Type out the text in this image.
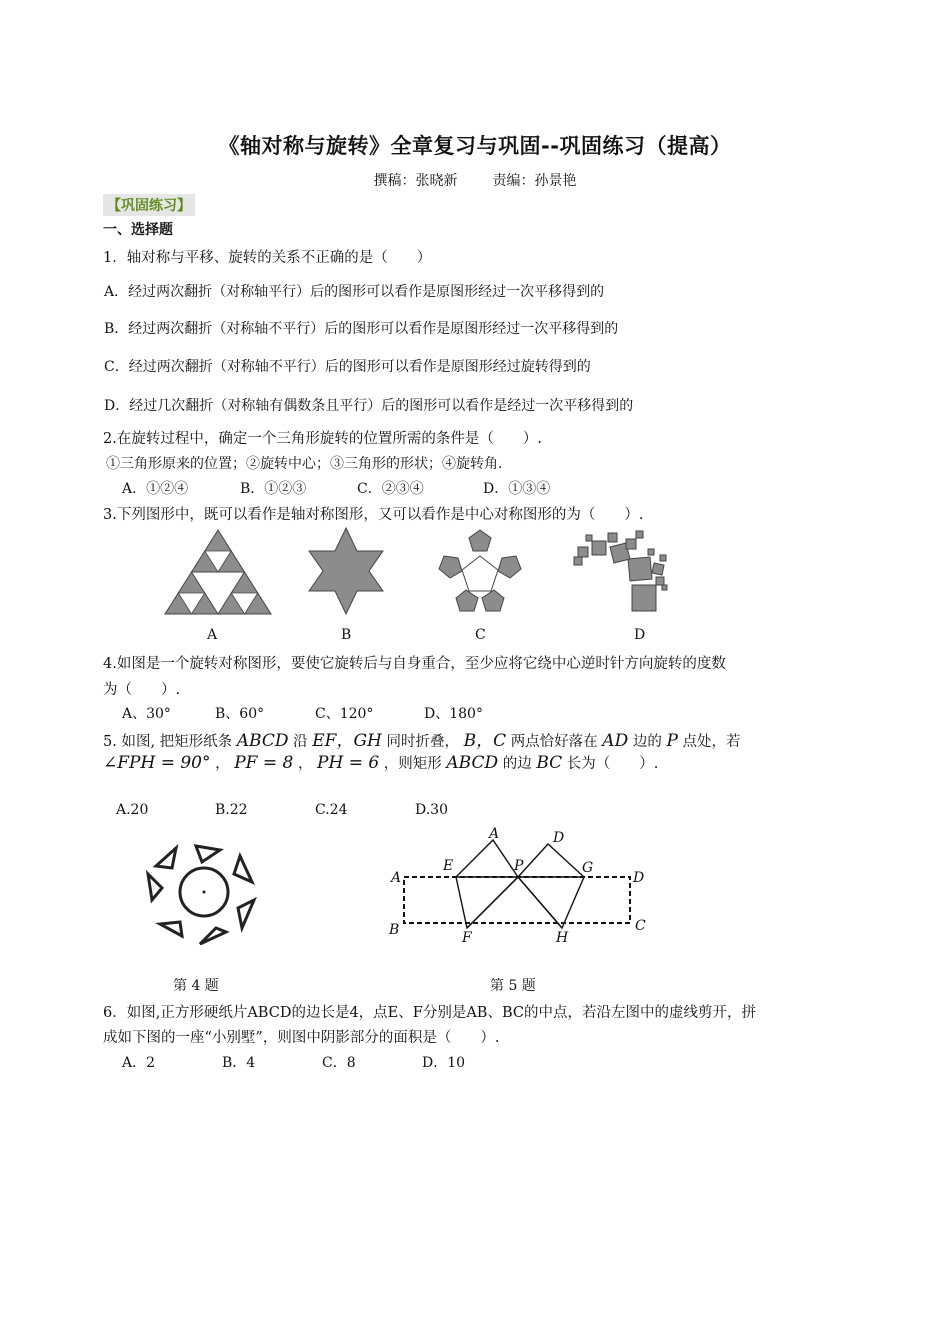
《轴对称与旋转》全章复习与巩固--巩固练习（提高）
撰稿：张晓新 责编：孙景艳
【巩固练习】
一、选择题
1．轴对称与平移、旋转的关系不正确的是（　　）
A．经过两次翻折（对称轴平行）后的图形可以看作是原图形经过一次平移得到的
B．经过两次翻折（对称轴不平行）后的图形可以看作是原图形经过一次平移得到的
C．经过两次翻折（对称轴不平行）后的图形可以看作是原图形经过旋转得到的
D．经过几次翻折（对称轴有偶数条且平行）后的图形可以看作是经过一次平移得到的
2.在旋转过程中，确定一个三角形旋转的位置所需的条件是（　　）.
①三角形原来的位置；②旋转中心；③三角形的形状；④旋转角.
A．①②④	B．①②③	C．②③④	D．①③④
3.下列图形中，既可以看作是轴对称图形，又可以看作是中心对称图形的为（　　）.
A	B	C	D
4.如图是一个旋转对称图形，要使它旋转后与自身重合，至少应将它绕中心逆时针方向旋转的度数
为（　　）.
A、30°	B、60°	C、120°	D、180°
5. 如图, 把矩形纸条 ABCD 沿 EF，GH 同时折叠， B，C 两点恰好落在 AD 边的 P 点处，若
∠FPH = 90° ， PF = 8 ， PH = 6 ，则矩形 ABCD 的边 BC 长为（　　）.
A.20	B.22	C.24	D.30
A
A
B	C
D
D
E
F
G
H
P
第 4 题	第 5 题
6．如图,正方形硬纸片ABCD的边长是4，点E、F分别是AB、BC的中点，若沿左图中的虚线剪开，拼
成如下图的一座“小别墅”，则图中阴影部分的面积是（　　）.
A．2	B．4	C．8	D．10
